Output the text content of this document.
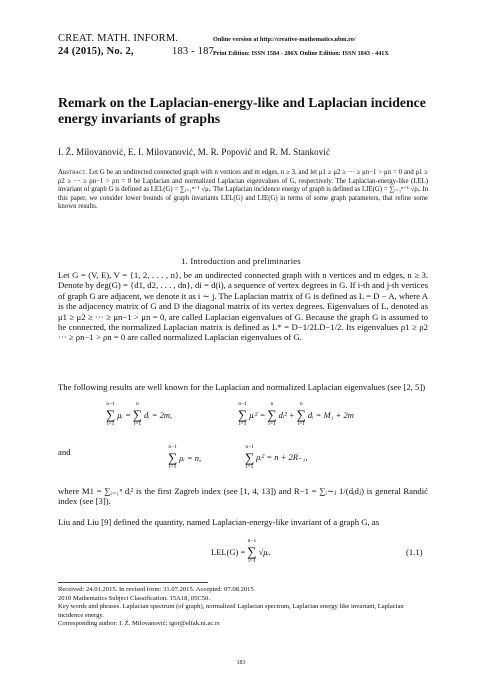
CREAT. MATH. INFORM.
24 (2015), No. 2,	183 - 187
Online version at http://creative-mathematics.ubm.ro/
Print Edition: ISSN 1584 - 286X Online Edition: ISSN 1843 - 441X
Remark on the Laplacian-energy-like and Laplacian incidence energy invariants of graphs
I. Ž. Milovanović, E. I. Milovanović, M. R. Popović and R. M. Stanković
Abstract. Let G be an undirected connected graph with n vertices and m edges, n ≥ 3, and let μ1 ≥ μ2 ≥ ··· ≥ μn−1 > μn = 0 and ρ1 ≥ ρ2 ≥ ··· ≥ ρn−1 > ρn = 0 be Laplacian and normalized Laplacian eigenvalues of G, respectively. The Laplacian-energy-like (LEL) invariant of graph G is defined as LEL(G) = ∑ᵢ₌₁ⁿ⁻¹ √μᵢ. The Laplacian incidence energy of graph is defined as LIE(G) = ∑ᵢ₌₁ⁿ⁻¹ √ρᵢ. In this paper, we consider lower bounds of graph invariants LEL(G) and LIE(G) in terms of some graph parameters, that refine some known results.
1. Introduction and preliminaries
Let G = (V, E), V = {1, 2, . . . , n}, be an undirected connected graph with n vertices and m edges, n ≥ 3. Denote by deg(G) = {d1, d2, . . . , dn}, di = d(i), a sequence of vertex degrees in G. If i-th and j-th vertices of graph G are adjacent, we denote it as i ∼ j. The Laplacian matrix of G is defined as L = D − A, where A is the adjacency matrix of G and D the diagonal matrix of its vertex degrees. Eigenvalues of L, denoted as μ1 ≥ μ2 ≥ ··· ≥ μn−1 > μn = 0, are called Laplacian eigenvalues of G. Because the graph G is assumed to be connected, the normalized Laplacian matrix is defined as L* = D−1/2LD−1/2. Its eigenvalues ρ1 ≥ ρ2 ··· ≥ ρn−1 > ρn = 0 are called normalized Laplacian eigenvalues of G.
The following results are well known for the Laplacian and normalized Laplacian eigenvalues (see [2, 5])
n−1
∑
i=1
μᵢ =
n
∑
i=1
dᵢ = 2m,
n−1
∑
i=1
μᵢ² =
n
∑
i=1
dᵢ² +
n
∑
i=1
dᵢ = M₁ + 2m
and	n−1
∑
i=1
ρᵢ = n,
n−1
∑
i=1
ρᵢ² = n + 2R₋₁,
where M1 = ∑ᵢ₌₁ⁿ dᵢ² is the first Zagreb index (see [1, 4, 13]) and R−1 = ∑ᵢ∼ⱼ 1/(dᵢdⱼ) is general Randić index (see [3]).
Liu and Liu [9] defined the quantity, named Laplacian-energy-like invariant of a graph G, as
LEL(G) =
n−1
∑
i=1
√μᵢ.	(1.1)
Received: 24.01.2015. In revised form: 31.07.2015. Accepted: 07.08.2015
2010 Mathematics Subject Classification. 15A18, 05C50.
Key words and phrases. Laplacian spectrum (of graph), normalized Laplacian spectrum, Laplacian energy like invariant, Laplacian incidence energy.
Corresponding author: I. Ž. Milovanović; igor@elfak.ni.ac.rs
183
